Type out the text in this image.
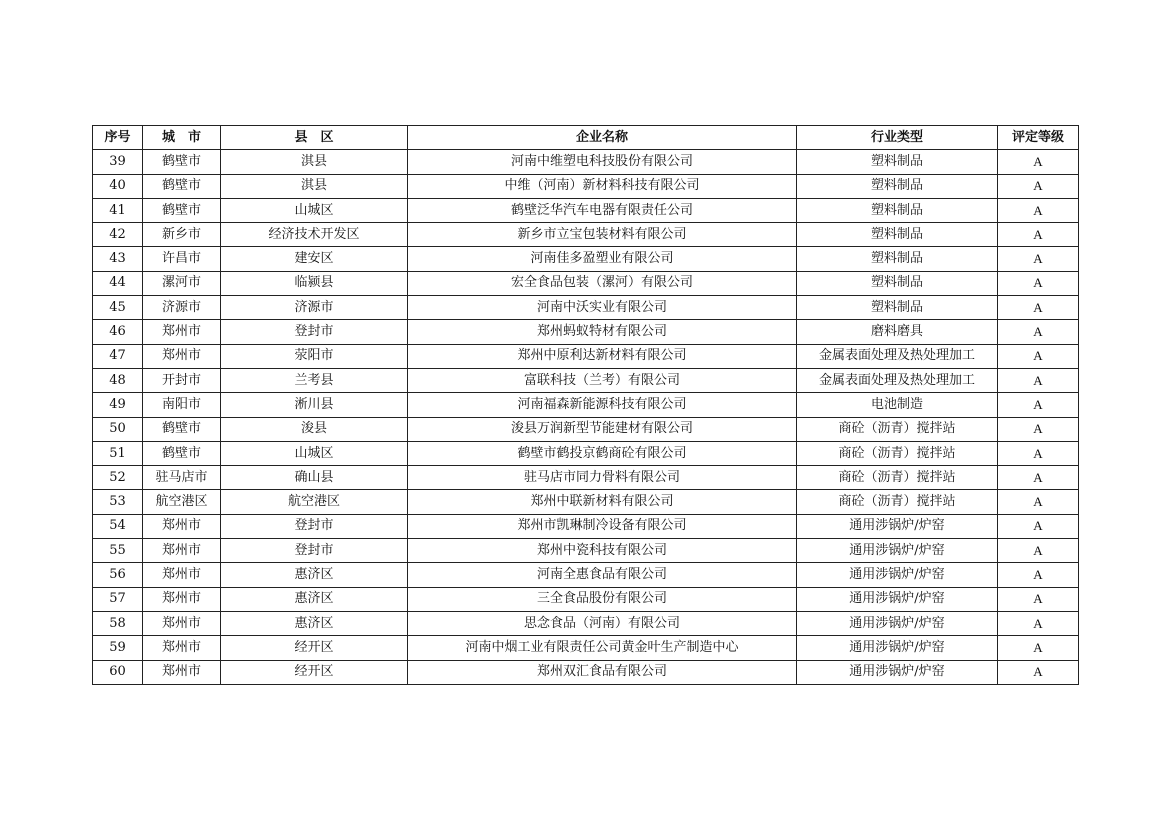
序号	城　市	县　区	企业名称	行业类型	评定等级
39	鹤壁市	淇县	河南中维塑电科技股份有限公司	塑料制品	A
40	鹤壁市	淇县	中维（河南）新材料科技有限公司	塑料制品	A
41	鹤壁市	山城区	鹤壁泛华汽车电器有限责任公司	塑料制品	A
42	新乡市	经济技术开发区	新乡市立宝包装材料有限公司	塑料制品	A
43	许昌市	建安区	河南佳多盈塑业有限公司	塑料制品	A
44	漯河市	临颍县	宏全食品包装（漯河）有限公司	塑料制品	A
45	济源市	济源市	河南中沃实业有限公司	塑料制品	A
46	郑州市	登封市	郑州蚂蚁特材有限公司	磨料磨具	A
47	郑州市	荥阳市	郑州中原利达新材料有限公司	金属表面处理及热处理加工	A
48	开封市	兰考县	富联科技（兰考）有限公司	金属表面处理及热处理加工	A
49	南阳市	淅川县	河南福森新能源科技有限公司	电池制造	A
50	鹤壁市	浚县	浚县万润新型节能建材有限公司	商砼（沥青）搅拌站	A
51	鹤壁市	山城区	鹤壁市鹤投京鹤商砼有限公司	商砼（沥青）搅拌站	A
52	驻马店市	确山县	驻马店市同力骨料有限公司	商砼（沥青）搅拌站	A
53	航空港区	航空港区	郑州中联新材料有限公司	商砼（沥青）搅拌站	A
54	郑州市	登封市	郑州市凯琳制冷设备有限公司	通用涉锅炉/炉窑	A
55	郑州市	登封市	郑州中瓷科技有限公司	通用涉锅炉/炉窑	A
56	郑州市	惠济区	河南全惠食品有限公司	通用涉锅炉/炉窑	A
57	郑州市	惠济区	三全食品股份有限公司	通用涉锅炉/炉窑	A
58	郑州市	惠济区	思念食品（河南）有限公司	通用涉锅炉/炉窑	A
59	郑州市	经开区	河南中烟工业有限责任公司黄金叶生产制造中心	通用涉锅炉/炉窑	A
60	郑州市	经开区	郑州双汇食品有限公司	通用涉锅炉/炉窑	A
